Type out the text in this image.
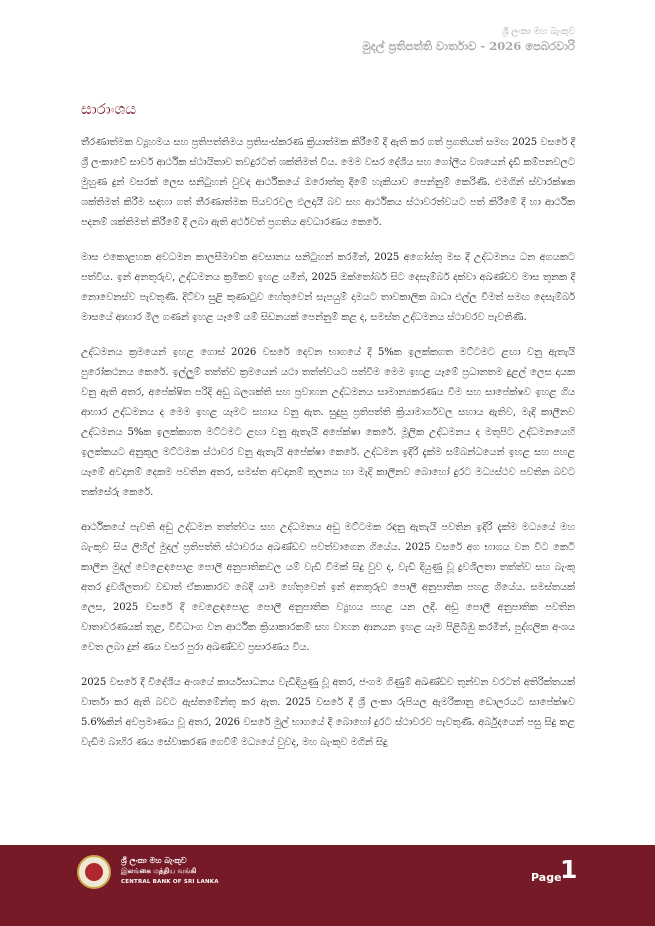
ශ්‍රී ලංකා මහ බැංකුව
මුදල් ප්‍රතිපත්ති වාර්තාව - 2026 පෙබරවාරි
සාරාංශය

තීරණාත්මක ව්‍යූහමය සහ ප්‍රතිපත්තිමය ප්‍රතිසංස්කරණ ක්‍රියාත්මක කිරීමේ දී ඇති කර ගත් ප්‍රගතියත් සමඟ 2025 වසරේ දී ශ්‍රී ලංකාවේ සාර්ව ආර්ථික ස්ථායිතාව තවදුරටත් ශක්තිමත් විය. මෙම වසර දේශීය සහ ගෝලීය වශයෙන් දැඩි කම්පනවලට මුහුණ දුන් වසරක් ලෙස සනිටුහන් වුවද ආර්ථිකයේ ඔරොත්තු දීමේ හැකියාව පෙන්නුම් කෙරිණි. එමගින් ස්වාරක්ෂක ශක්තිමත් කිරීම සඳහා ගත් තීරණාත්මක පියවරවල ඵලදායී බව සහ ආර්ථිකය ස්ථාවරත්වයට පත් කිරීමේ දී හා ආර්ථික පදනම් ශක්තිමත් කිරීමේ දී ලබා ඇති අර්ථවත් ප්‍රගතිය අවධාරණය කෙරේ.

මාස එකොළහක අවධමන කාලසීමාවක අවසානය සනිටුහන් කරමින්, 2025 අගෝස්තු මස දී උද්ධමනය ධන අගයකට පත්විය. ඉන් අනතුරුව, උද්ධමනය ක්‍රමිකව ඉහළ යමින්, 2025 ඔක්තෝබර් සිට දෙසැම්බර් දක්වා අඛණ්ඩව මාස තුනක දී නොවෙනස්ව පැවතුණි. දිට්වා සුළි කුණාටුව හේතුවෙන් සැපයුම් දාමයට තාවකාලික බාධා එල්ල වීමත් සමඟ දෙසැම්බර් මාසයේ ආහාර මිල ගණන් ඉහළ යෑමේ යම් සිඩනයක් පෙන්නුම් කළ ද, සමස්ත උද්ධමනය ස්ථාවරව පැවතිණි.

උද්ධමනය ක්‍රමයෙන් ඉහළ ගොස් 2026 වසරේ දෙවන භාගයේ දී 5%ක ඉලක්කගත මට්ටමට ළඟා වනු ඇතැයි පුරෝකථනය කෙරේ. ඉල්ලුම් තත්ත්ව ක්‍රමයෙන් යථා තත්ත්වයට පත්වීම මෙම ඉහළ යෑමේ ප්‍රධානතම දුළල් ලෙස දායක වනු ඇති අතර, අපේක්ෂිත පරිදි අඩු බලශක්ති සහ ප්‍රවාහන උද්ධමනය සාමාන්‍යකරණය වීම සහ සාපේක්ෂව ඉහළ ගිය ආහාර උද්ධමනය ද මෙම ඉහළ යෑමට සහාය වනු ඇත. සුදුසු ප්‍රතිපත්ති ක්‍රියාමාර්ගවල සහාය ඇතිව, මැදි කාලීනව උද්ධමනය 5%ක ඉලක්කගත මට්ටමට ළඟා වනු ඇතැයි අපේක්ෂා කෙරේ. මූලික උද්ධමනය ද මතුපිට උද්ධමනයෙහි ඉලක්කයට අනුකූල මට්ටමක ස්ථාවර වනු ඇතැයි අපේක්ෂා කෙරේ. උද්ධමන ඉදිරි දැක්ම සම්බන්ධයෙන් ඉහළ සහ පහළ යෑමේ අවදානම් දෙකම පවතින අතර, සමස්ත අවදානම් තුලනය හා මැදි කාලීනව බොහෝ දුරට මධ්‍යස්ථව පවතින බවට තක්සේරු කෙරේ.

ආර්ථිකයේ පැවති අඩු උද්ධමන තත්ත්වය සහ උද්ධමනය අඩු මට්ටමක රඳනු ඇතැයි පවතින ඉදිරි දැක්ම මධ්‍යයේ මහ බැංකුව සිය ලිහිල් මුදල් ප්‍රතිපත්ති ස්ථාවරය අඛණ්ඩව පවත්වාගෙන ගියේය. 2025 වසරේ අග භාගය වන විට කෙටි කාලීන මුදල් වෙළෙඳපොළ පොලී අනුපාතිකවල යම් වැඩි වීමක් සිදු වුව ද, වැඩි දියුණු වූ ද්‍රවශීලතා තත්ත්ව සහ බැංකු අතර ද්‍රවශීලතාව වඩාත් ඒකාකාරව බෙදී යාම හේතුවෙන් ඉන් අනතුරුව පොලී අනුපාතික පහළ ගියේය. සමස්තයක් ලෙස, 2025 වසරේ දී වෙළෙඳපොළ පොලී අනුපාතික ව්‍යූහය පහළ යන ලදී. අඩු පොලී අනුපාතික පවතින වාතාවරණයක් තුළ, විවිධාංග වන ආර්ථික ක්‍රියාකාරකම් සහ වාහන ආනයන ඉහළ යෑම පිළිබිඹු කරමින්, පුද්ගලික අංශය වෙත ලබා දුන් ණය වසර පුරා අඛණ්ඩව ප්‍රසාරණය විය.

2025 වසරේ දී විදේශීය අංශයේ කාර්යසාධනය වැඩිදියුණු වූ අතර, ජංගම ගිණුම් අඛණ්ඩව තුන්වන වරටත් අතිරික්තයක් වාර්තා කර ඇති බවට ඇස්තමේන්තු කර ඇත. 2025 වසරේ දී ශ්‍රී ලංකා රුපියල ඇමරිකානු ඩොලරයට සාපේක්ෂව 5.6%කින් අවප්‍රමාණය වූ අතර, 2026 වසරේ මුල් භාගයේ දී බොහෝ දුරට ස්ථාවරව පැවතුණි. අර්බුදයෙන් පසු සිදු කළ වැඩිම බාහිර ණය සේවාකරණ ගෙවීම් මධ්‍යයේ වුවද, මහ බැංකුව මගින් සිදු

ශ්‍රී ලංකා මහ බැංකුව
இலங்கை மத்திய வங்கி
CENTRAL BANK OF SRI LANKA	Page
1
